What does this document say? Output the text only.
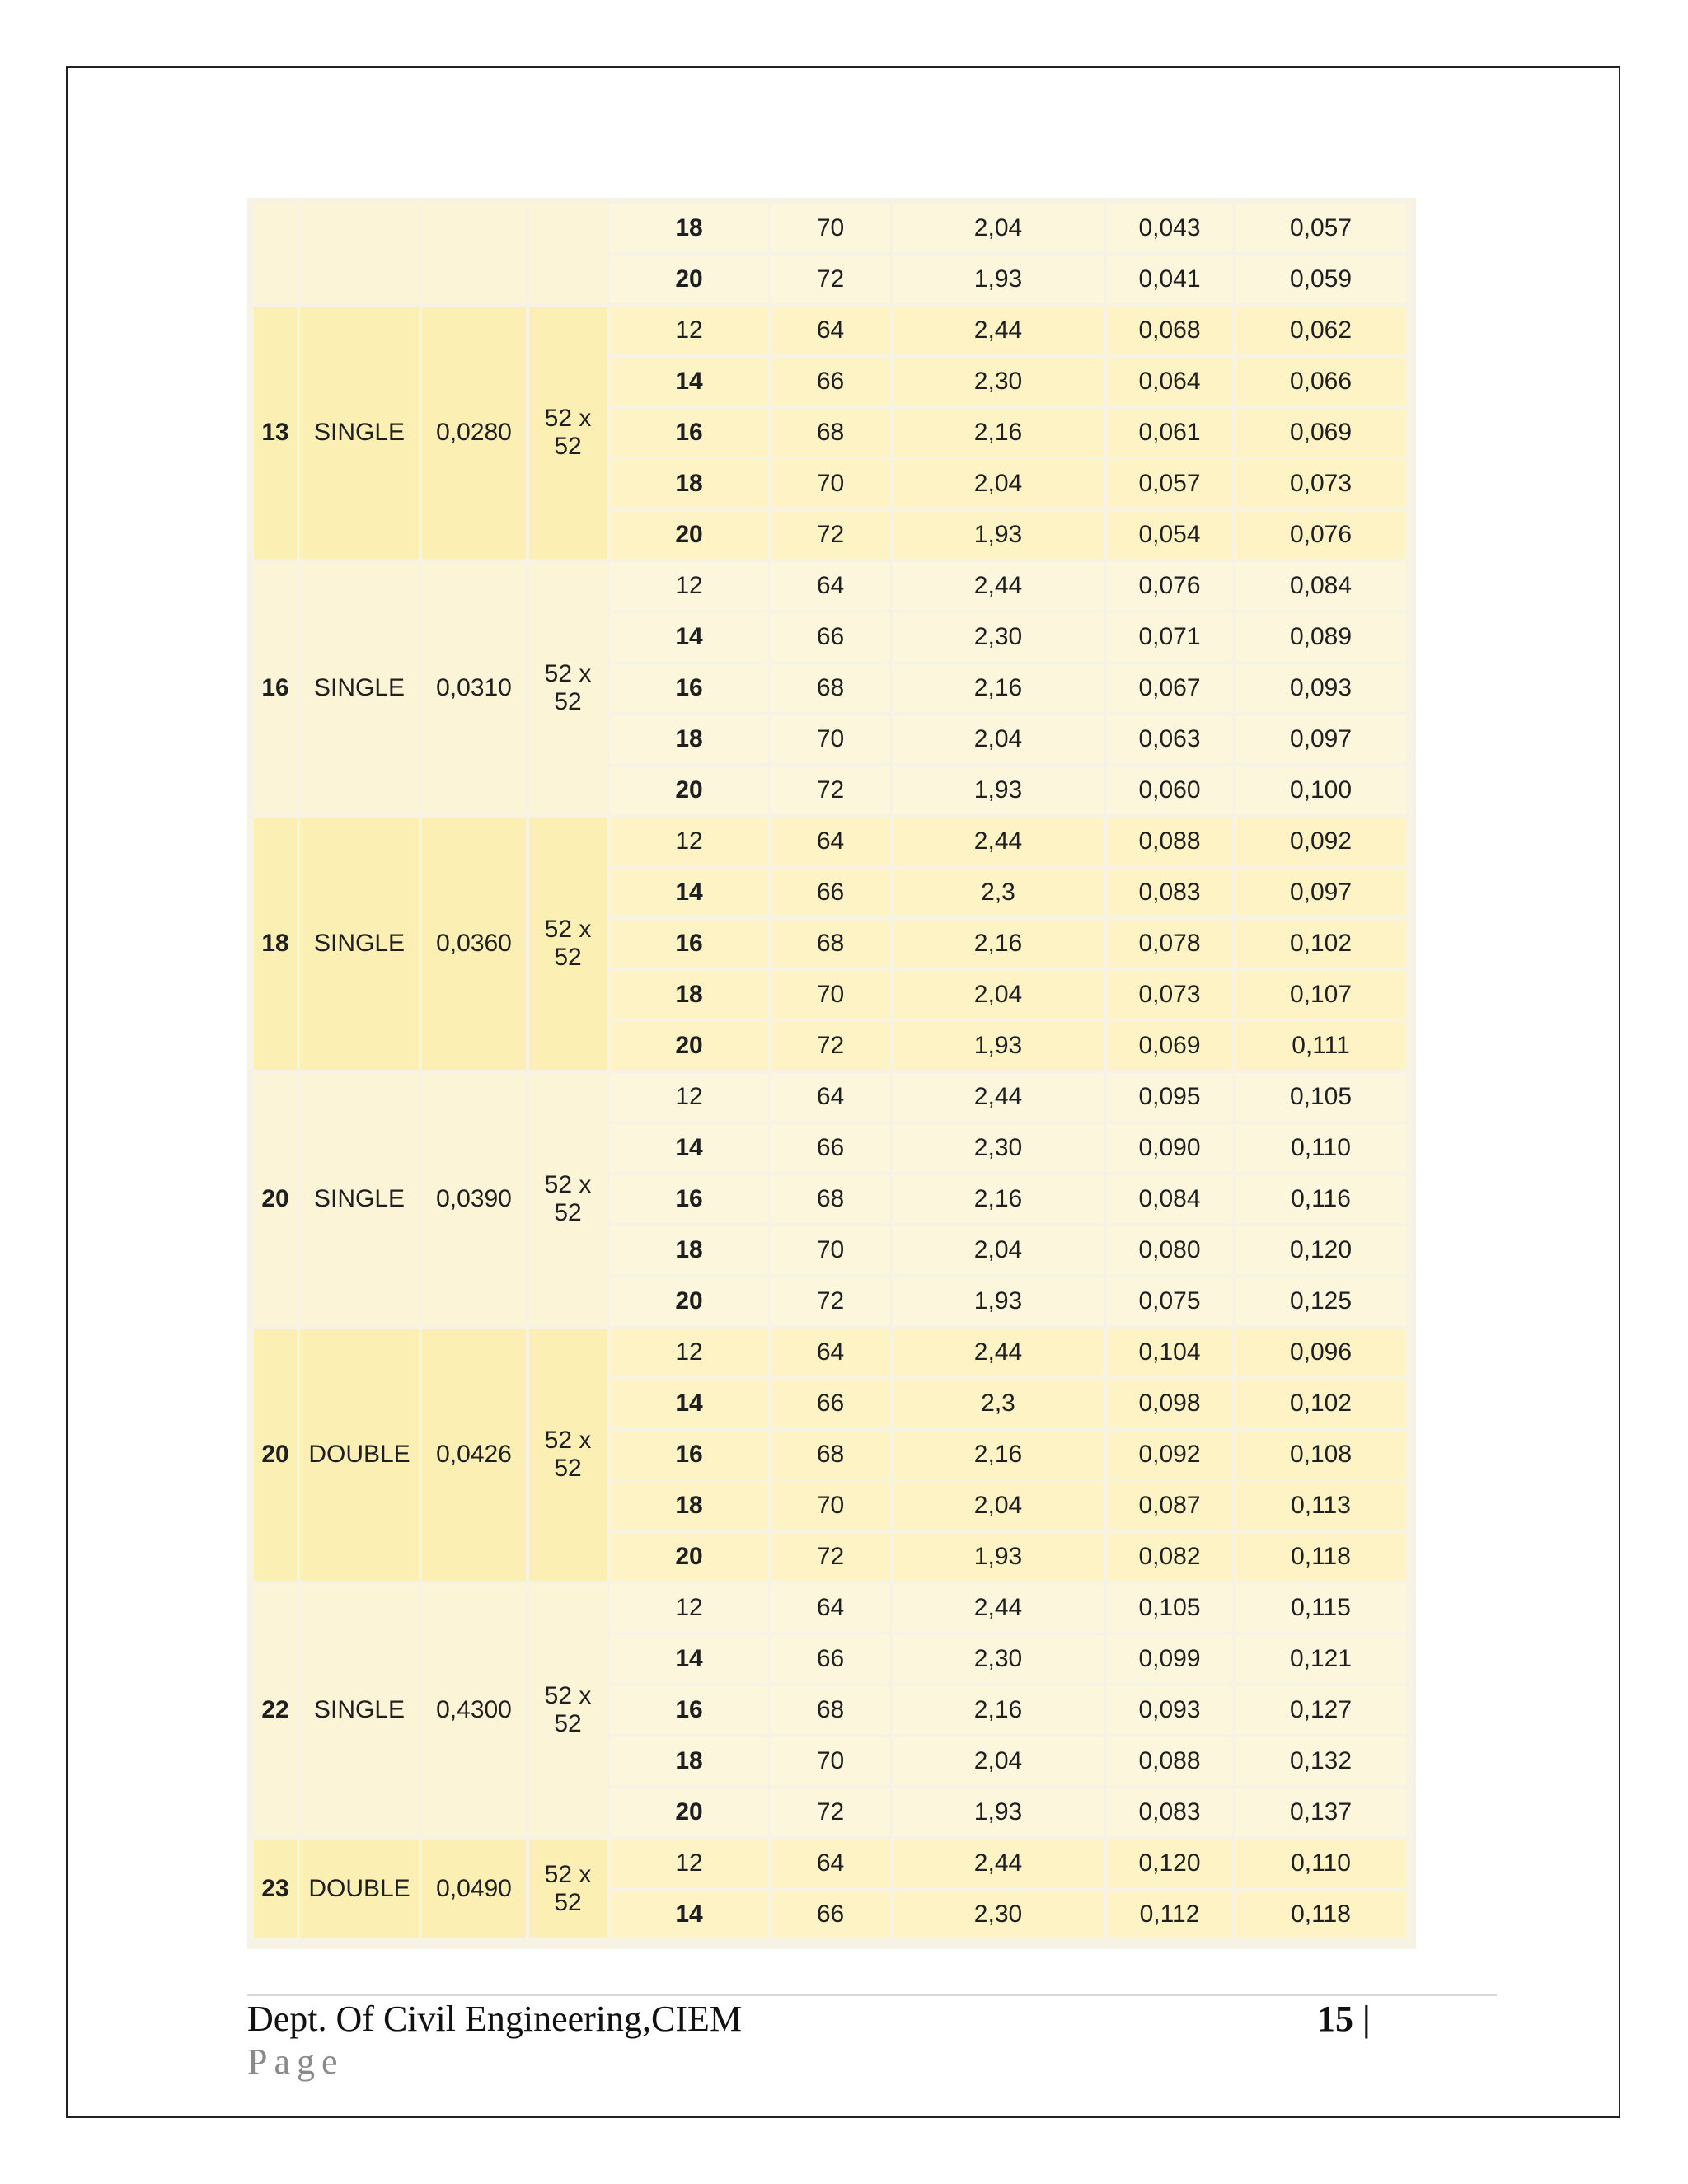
				18	70	2,04	0,043	0,057
				20	72	1,93	0,041	0,059
13	SINGLE	0,0280	52 x 52	12	64	2,44	0,068	0,062
				14	66	2,30	0,064	0,066
				16	68	2,16	0,061	0,069
				18	70	2,04	0,057	0,073
				20	72	1,93	0,054	0,076
16	SINGLE	0,0310	52 x 52	12	64	2,44	0,076	0,084
				14	66	2,30	0,071	0,089
				16	68	2,16	0,067	0,093
				18	70	2,04	0,063	0,097
				20	72	1,93	0,060	0,100
18	SINGLE	0,0360	52 x 52	12	64	2,44	0,088	0,092
				14	66	2,3	0,083	0,097
				16	68	2,16	0,078	0,102
				18	70	2,04	0,073	0,107
				20	72	1,93	0,069	0,111
20	SINGLE	0,0390	52 x 52	12	64	2,44	0,095	0,105
				14	66	2,30	0,090	0,110
				16	68	2,16	0,084	0,116
				18	70	2,04	0,080	0,120
				20	72	1,93	0,075	0,125
20	DOUBLE	0,0426	52 x 52	12	64	2,44	0,104	0,096
				14	66	2,3	0,098	0,102
				16	68	2,16	0,092	0,108
				18	70	2,04	0,087	0,113
				20	72	1,93	0,082	0,118
22	SINGLE	0,4300	52 x 52	12	64	2,44	0,105	0,115
				14	66	2,30	0,099	0,121
				16	68	2,16	0,093	0,127
				18	70	2,04	0,088	0,132
				20	72	1,93	0,083	0,137
23	DOUBLE	0,0490	52 x 52	12	64	2,44	0,120	0,110
				14	66	2,30	0,112	0,118
Dept. Of Civil Engineering,CIEM
Page
15 |
